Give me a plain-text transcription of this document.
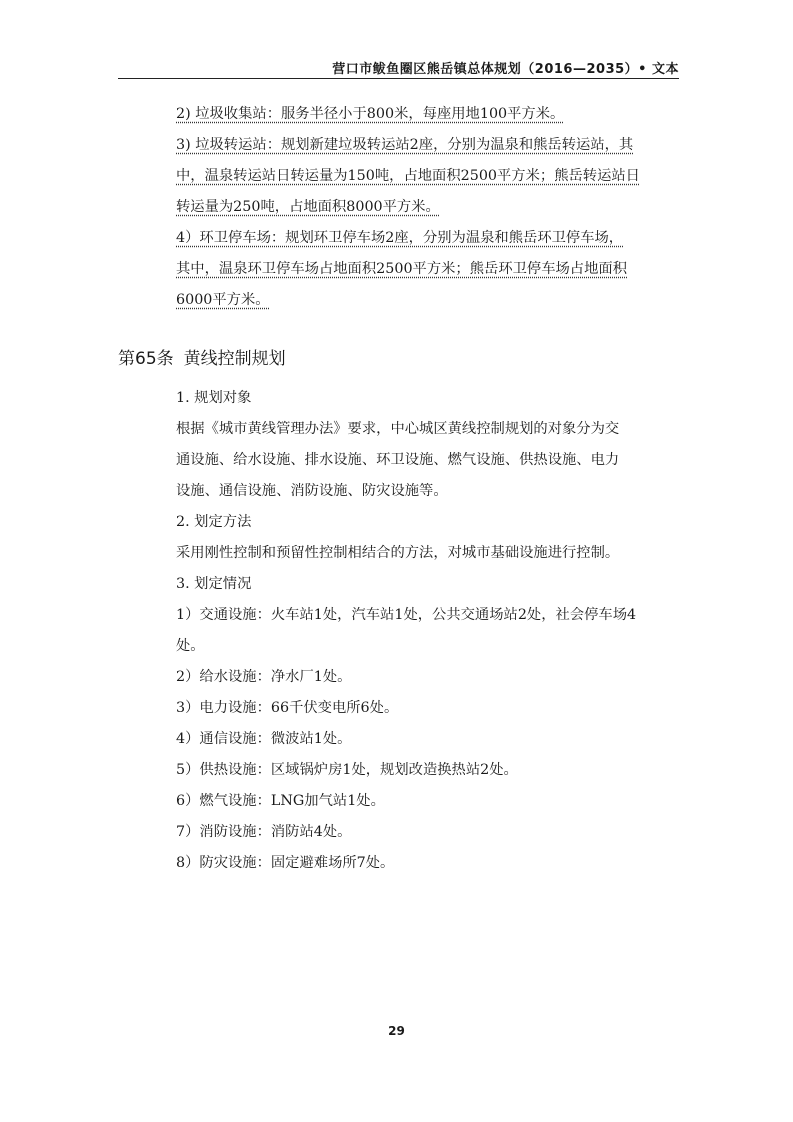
营口市鲅鱼圈区熊岳镇总体规划（2016—2035）• 文本
2) 垃圾收集站：服务半径小于800米，每座用地100平方米。
3) 垃圾转运站：规划新建垃圾转运站2座，分别为温泉和熊岳转运站，其
中，温泉转运站日转运量为150吨，占地面积2500平方米；熊岳转运站日
转运量为250吨，占地面积8000平方米。
4）环卫停车场：规划环卫停车场2座，分别为温泉和熊岳环卫停车场，
其中，温泉环卫停车场占地面积2500平方米；熊岳环卫停车场占地面积
6000平方米。
第65条 黄线控制规划
1. 规划对象
根据《城市黄线管理办法》要求，中心城区黄线控制规划的对象分为交
通设施、给水设施、排水设施、环卫设施、燃气设施、供热设施、电力
设施、通信设施、消防设施、防灾设施等。
2. 划定方法
采用刚性控制和预留性控制相结合的方法，对城市基础设施进行控制。
3. 划定情况
1）交通设施：火车站1处，汽车站1处，公共交通场站2处，社会停车场4
处。
2）给水设施：净水厂1处。
3）电力设施：66千伏变电所6处。
4）通信设施：微波站1处。
5）供热设施：区域锅炉房1处，规划改造换热站2处。
6）燃气设施：LNG加气站1处。
7）消防设施：消防站4处。
8）防灾设施：固定避难场所7处。
29
